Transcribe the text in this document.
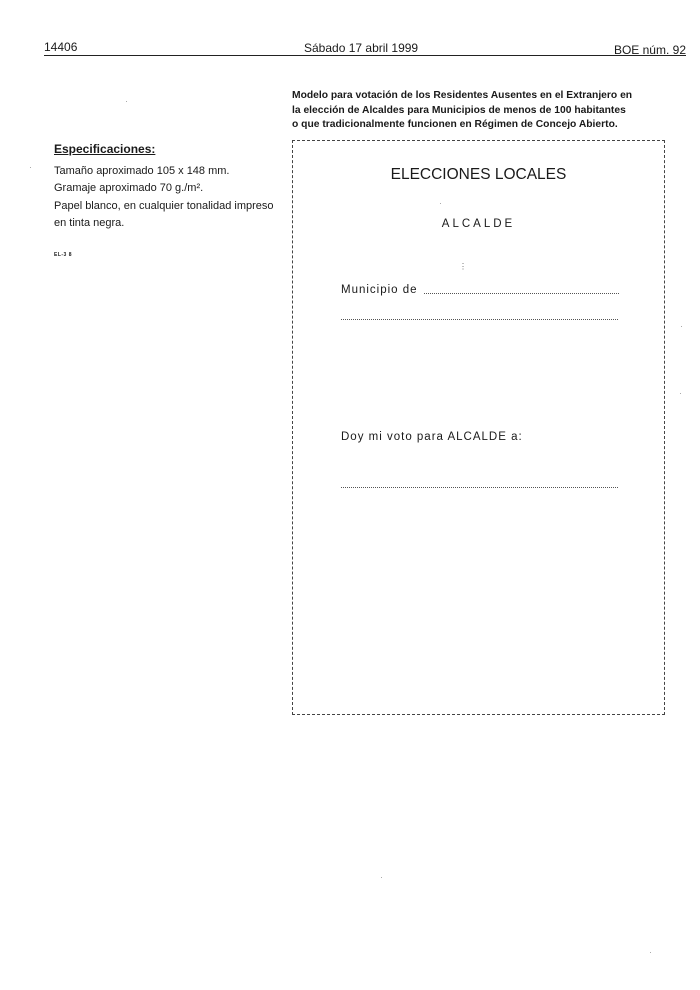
14406	Sábado 17 abril 1999	BOE núm. 92
Especificaciones:
Tamaño aproximado 105 x 148 mm.
Gramaje aproximado 70 g./m².
Papel blanco, en cualquier tonalidad impreso
en tinta negra.
EL-3 8
Modelo para votación de los Residentes Ausentes en el Extranjero en
la elección de Alcaldes para Municipios de menos de 100 habitantes
o que tradicionalmente funcionen en Régimen de Concejo Abierto.
ELECCIONES LOCALES
ALCALDE
⋮
Municipio de
Doy mi voto para ALCALDE a:
